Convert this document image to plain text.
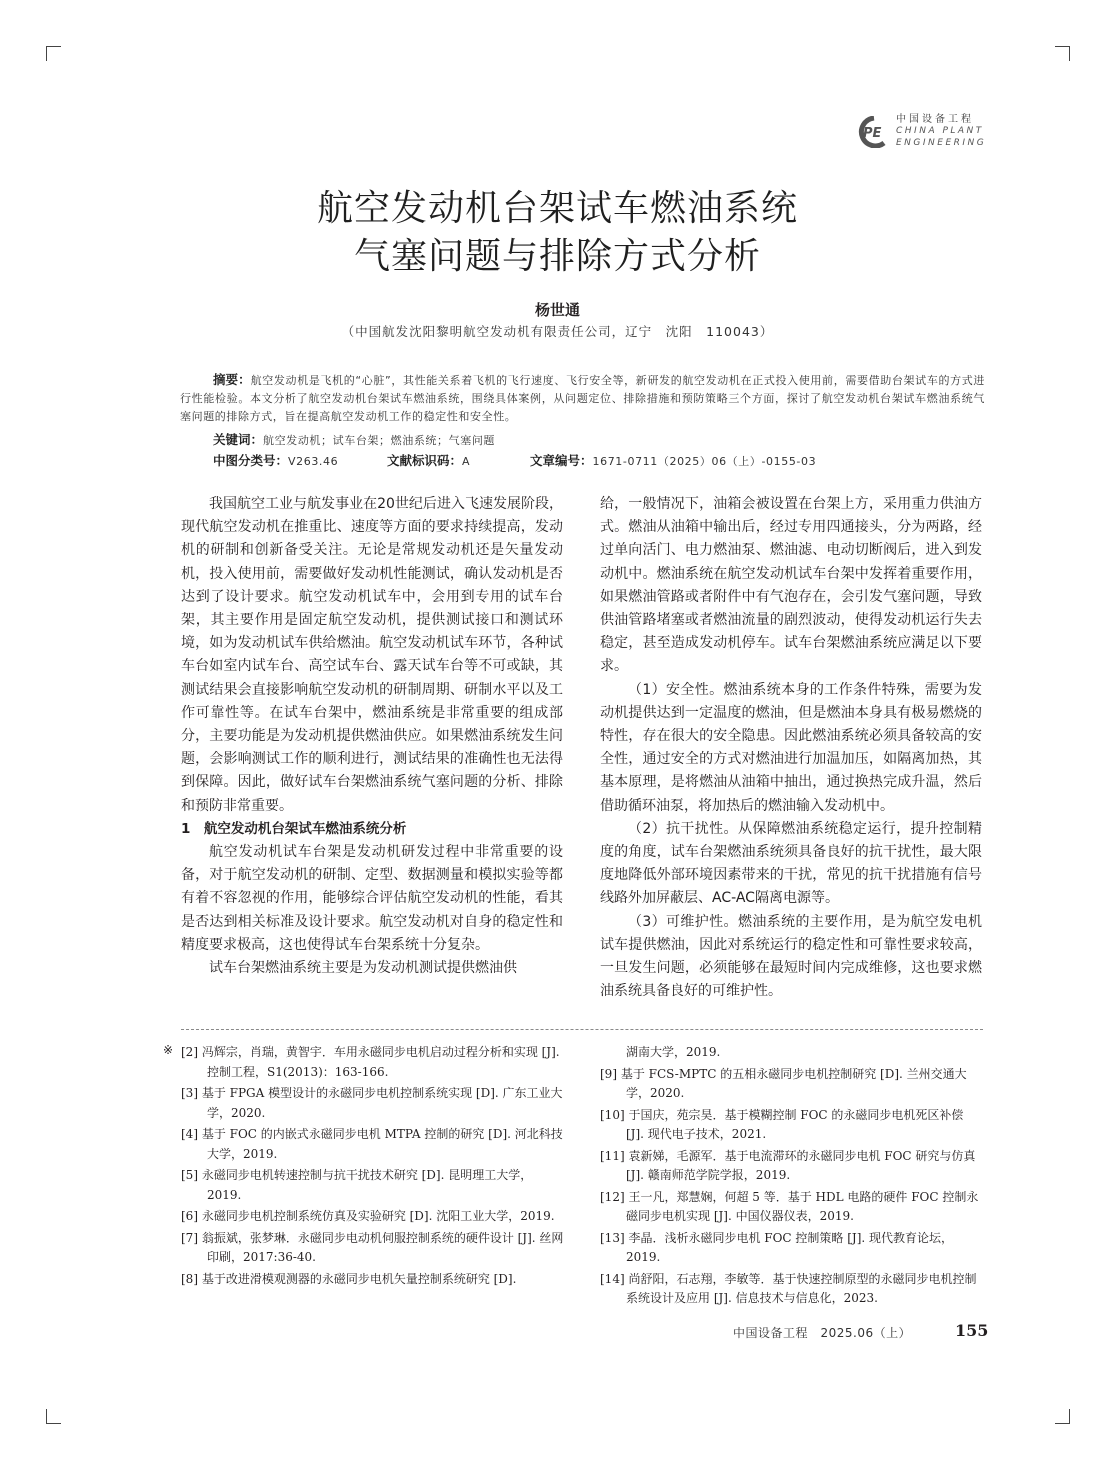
PE
中国设备工程
CHINA PLANT
ENGINEERING
航空发动机台架试车燃油系统
气塞问题与排除方式分析
杨世通
（中国航发沈阳黎明航空发动机有限责任公司，辽宁　沈阳　110043）
摘要：航空发动机是飞机的“心脏”，其性能关系着飞机的飞行速度、飞行安全等，新研发的航空发动机在正式投入使用前，需要借助台架试车的方式进行性能检验。本文分析了航空发动机台架试车燃油系统，围绕具体案例，从问题定位、排除措施和预防策略三个方面，探讨了航空发动机台架试车燃油系统气塞问题的排除方式，旨在提高航空发动机工作的稳定性和安全性。
关键词：航空发动机；试车台架；燃油系统；气塞问题
中图分类号：V263.46	文献标识码：A	文章编号：1671-0711（2025）06（上）-0155-03

我国航空工业与航发事业在20世纪后进入飞速发展阶段，现代航空发动机在推重比、速度等方面的要求持续提高，发动机的研制和创新备受关注。无论是常规发动机还是矢量发动机，投入使用前，需要做好发动机性能测试，确认发动机是否达到了设计要求。航空发动机试车中，会用到专用的试车台架，其主要作用是固定航空发动机，提供测试接口和测试环境，如为发动机试车供给燃油。航空发动机试车环节，各种试车台如室内试车台、高空试车台、露天试车台等不可或缺，其测试结果会直接影响航空发动机的研制周期、研制水平以及工作可靠性等。在试车台架中，燃油系统是非常重要的组成部分，主要功能是为发动机提供燃油供应。如果燃油系统发生问题，会影响测试工作的顺利进行，测试结果的准确性也无法得到保障。因此，做好试车台架燃油系统气塞问题的分析、排除和预防非常重要。

1　航空发动机台架试车燃油系统分析

航空发动机试车台架是发动机研发过程中非常重要的设备，对于航空发动机的研制、定型、数据测量和模拟实验等都有着不容忽视的作用，能够综合评估航空发动机的性能，看其是否达到相关标准及设计要求。航空发动机对自身的稳定性和精度要求极高，这也使得试车台架系统十分复杂。

试车台架燃油系统主要是为发动机测试提供燃油供

给，一般情况下，油箱会被设置在台架上方，采用重力供油方式。燃油从油箱中输出后，经过专用四通接头，分为两路，经过单向活门、电力燃油泵、燃油滤、电动切断阀后，进入到发动机中。燃油系统在航空发动机试车台架中发挥着重要作用，如果燃油管路或者附件中有气泡存在，会引发气塞问题，导致供油管路堵塞或者燃油流量的剧烈波动，使得发动机运行失去稳定，甚至造成发动机停车。试车台架燃油系统应满足以下要求。

（1）安全性。燃油系统本身的工作条件特殊，需要为发动机提供达到一定温度的燃油，但是燃油本身具有极易燃烧的特性，存在很大的安全隐患。因此燃油系统必须具备较高的安全性，通过安全的方式对燃油进行加温加压，如隔离加热，其基本原理，是将燃油从油箱中抽出，通过换热完成升温，然后借助循环油泵，将加热后的燃油输入发动机中。

（2）抗干扰性。从保障燃油系统稳定运行，提升控制精度的角度，试车台架燃油系统须具备良好的抗干扰性，最大限度地降低外部环境因素带来的干扰，常见的抗干扰措施有信号线路外加屏蔽层、AC-AC隔离电源等。

（3）可维护性。燃油系统的主要作用，是为航空发电机试车提供燃油，因此对系统运行的稳定性和可靠性要求较高，一旦发生问题，必须能够在最短时间内完成维修，这也要求燃油系统具备良好的可维护性。

※ [2] 冯辉宗，肖瑞，黄智宇．车用永磁同步电机启动过程分析和实现 [J]. 控制工程，S1(2013)：163-166.
[3] 基于 FPGA 模型设计的永磁同步电机控制系统实现 [D]. 广东工业大学，2020.
[4] 基于 FOC 的内嵌式永磁同步电机 MTPA 控制的研究 [D]. 河北科技大学，2019.
[5] 永磁同步电机转速控制与抗干扰技术研究 [D]. 昆明理工大学，2019.
[6] 永磁同步电机控制系统仿真及实验研究 [D]. 沈阳工业大学，2019.
[7] 翁振斌，张梦琳．永磁同步电动机伺服控制系统的硬件设计 [J]. 丝网印刷，2017:36-40.
[8] 基于改进滑模观测器的永磁同步电机矢量控制系统研究 [D].
湖南大学，2019.
[9] 基于 FCS-MPTC 的五相永磁同步电机控制研究 [D]. 兰州交通大学，2020.
[10] 于国庆，苑宗昊．基于模糊控制 FOC 的永磁同步电机死区补偿 [J]. 现代电子技术，2021.
[11] 袁新娣，毛源军．基于电流滞环的永磁同步电机 FOC 研究与仿真 [J]. 赣南师范学院学报，2019.
[12] 王一凡，郑慧娴，何超 5 等．基于 HDL 电路的硬件 FOC 控制永磁同步电机实现 [J]. 中国仪器仪表，2019.
[13] 李晶．浅析永磁同步电机 FOC 控制策略 [J]. 现代教育论坛，2019.
[14] 尚舒阳，石志翔，李敏等．基于快速控制原型的永磁同步电机控制系统设计及应用 [J]. 信息技术与信息化，2023.
中国设备工程　2025.06（上）	155
